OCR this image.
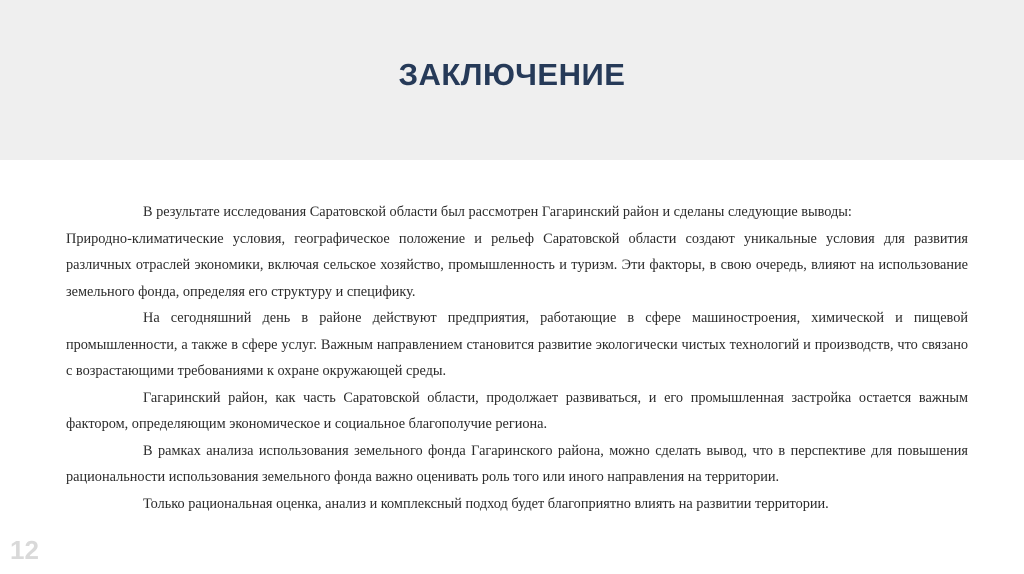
ЗАКЛЮЧЕНИЕ

В результате исследования Саратовской области был рассмотрен Гагаринский район и сделаны следующие выводы:

Природно-климатические условия, географическое положение и рельеф Саратовской области создают уникальные условия для развития различных отраслей экономики, включая сельское хозяйство, промышленность и туризм. Эти факторы, в свою очередь, влияют на использование земельного фонда, определяя его структуру и специфику.

На сегодняшний день в районе действуют предприятия, работающие в сфере машиностроения, химической и пищевой промышленности, а также в сфере услуг. Важным направлением становится развитие экологически чистых технологий и производств, что связано с возрастающими требованиями к охране окружающей среды.

Гагаринский район, как часть Саратовской области, продолжает развиваться, и его промышленная застройка остается важным фактором, определяющим экономическое и социальное благополучие региона.

В рамках анализа использования земельного фонда Гагаринского района, можно сделать вывод, что в перспективе для повышения рациональности использования земельного фонда важно оценивать роль того или иного направления на территории.

Только рациональная оценка, анализ и комплексный подход будет благоприятно влиять на развитии территории.

12
